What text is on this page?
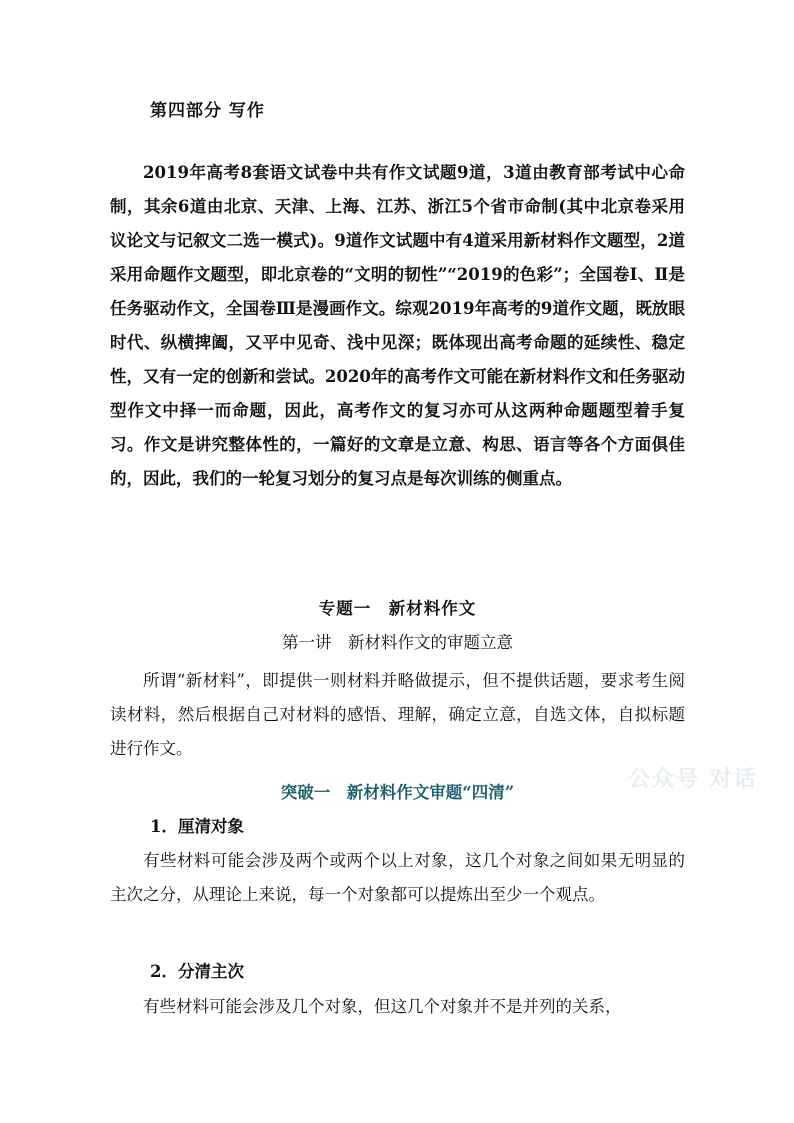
第四部分 写作

2019年高考8套语文试卷中共有作文试题9道，3道由教育部考试中心命制，其余6道由北京、天津、上海、江苏、浙江5个省市命制(其中北京卷采用议论文与记叙文二选一模式)。9道作文试题中有4道采用新材料作文题型，2道采用命题作文题型，即北京卷的“文明的韧性”“2019的色彩”；全国卷Ⅰ、Ⅱ是任务驱动作文，全国卷Ⅲ是漫画作文。综观2019年高考的9道作文题，既放眼时代、纵横捭阖，又平中见奇、浅中见深；既体现出高考命题的延续性、稳定性，又有一定的创新和尝试。2020年的高考作文可能在新材料作文和任务驱动型作文中择一而命题，因此，高考作文的复习亦可从这两种命题题型着手复习。作文是讲究整体性的，一篇好的文章是立意、构思、语言等各个方面俱佳的，因此，我们的一轮复习划分的复习点是每次训练的侧重点。

专题一　新材料作文

第一讲　新材料作文的审题立意

所谓“新材料”，即提供一则材料并略做提示，但不提供话题，要求考生阅读材料，然后根据自己对材料的感悟、理解，确定立意，自选文体，自拟标题进行作文。

突破一　新材料作文审题“四清”

1．厘清对象

有些材料可能会涉及两个或两个以上对象，这几个对象之间如果无明显的主次之分，从理论上来说，每一个对象都可以提炼出至少一个观点。

2．分清主次

有些材料可能会涉及几个对象，但这几个对象并不是并列的关系，

公众号 对话
